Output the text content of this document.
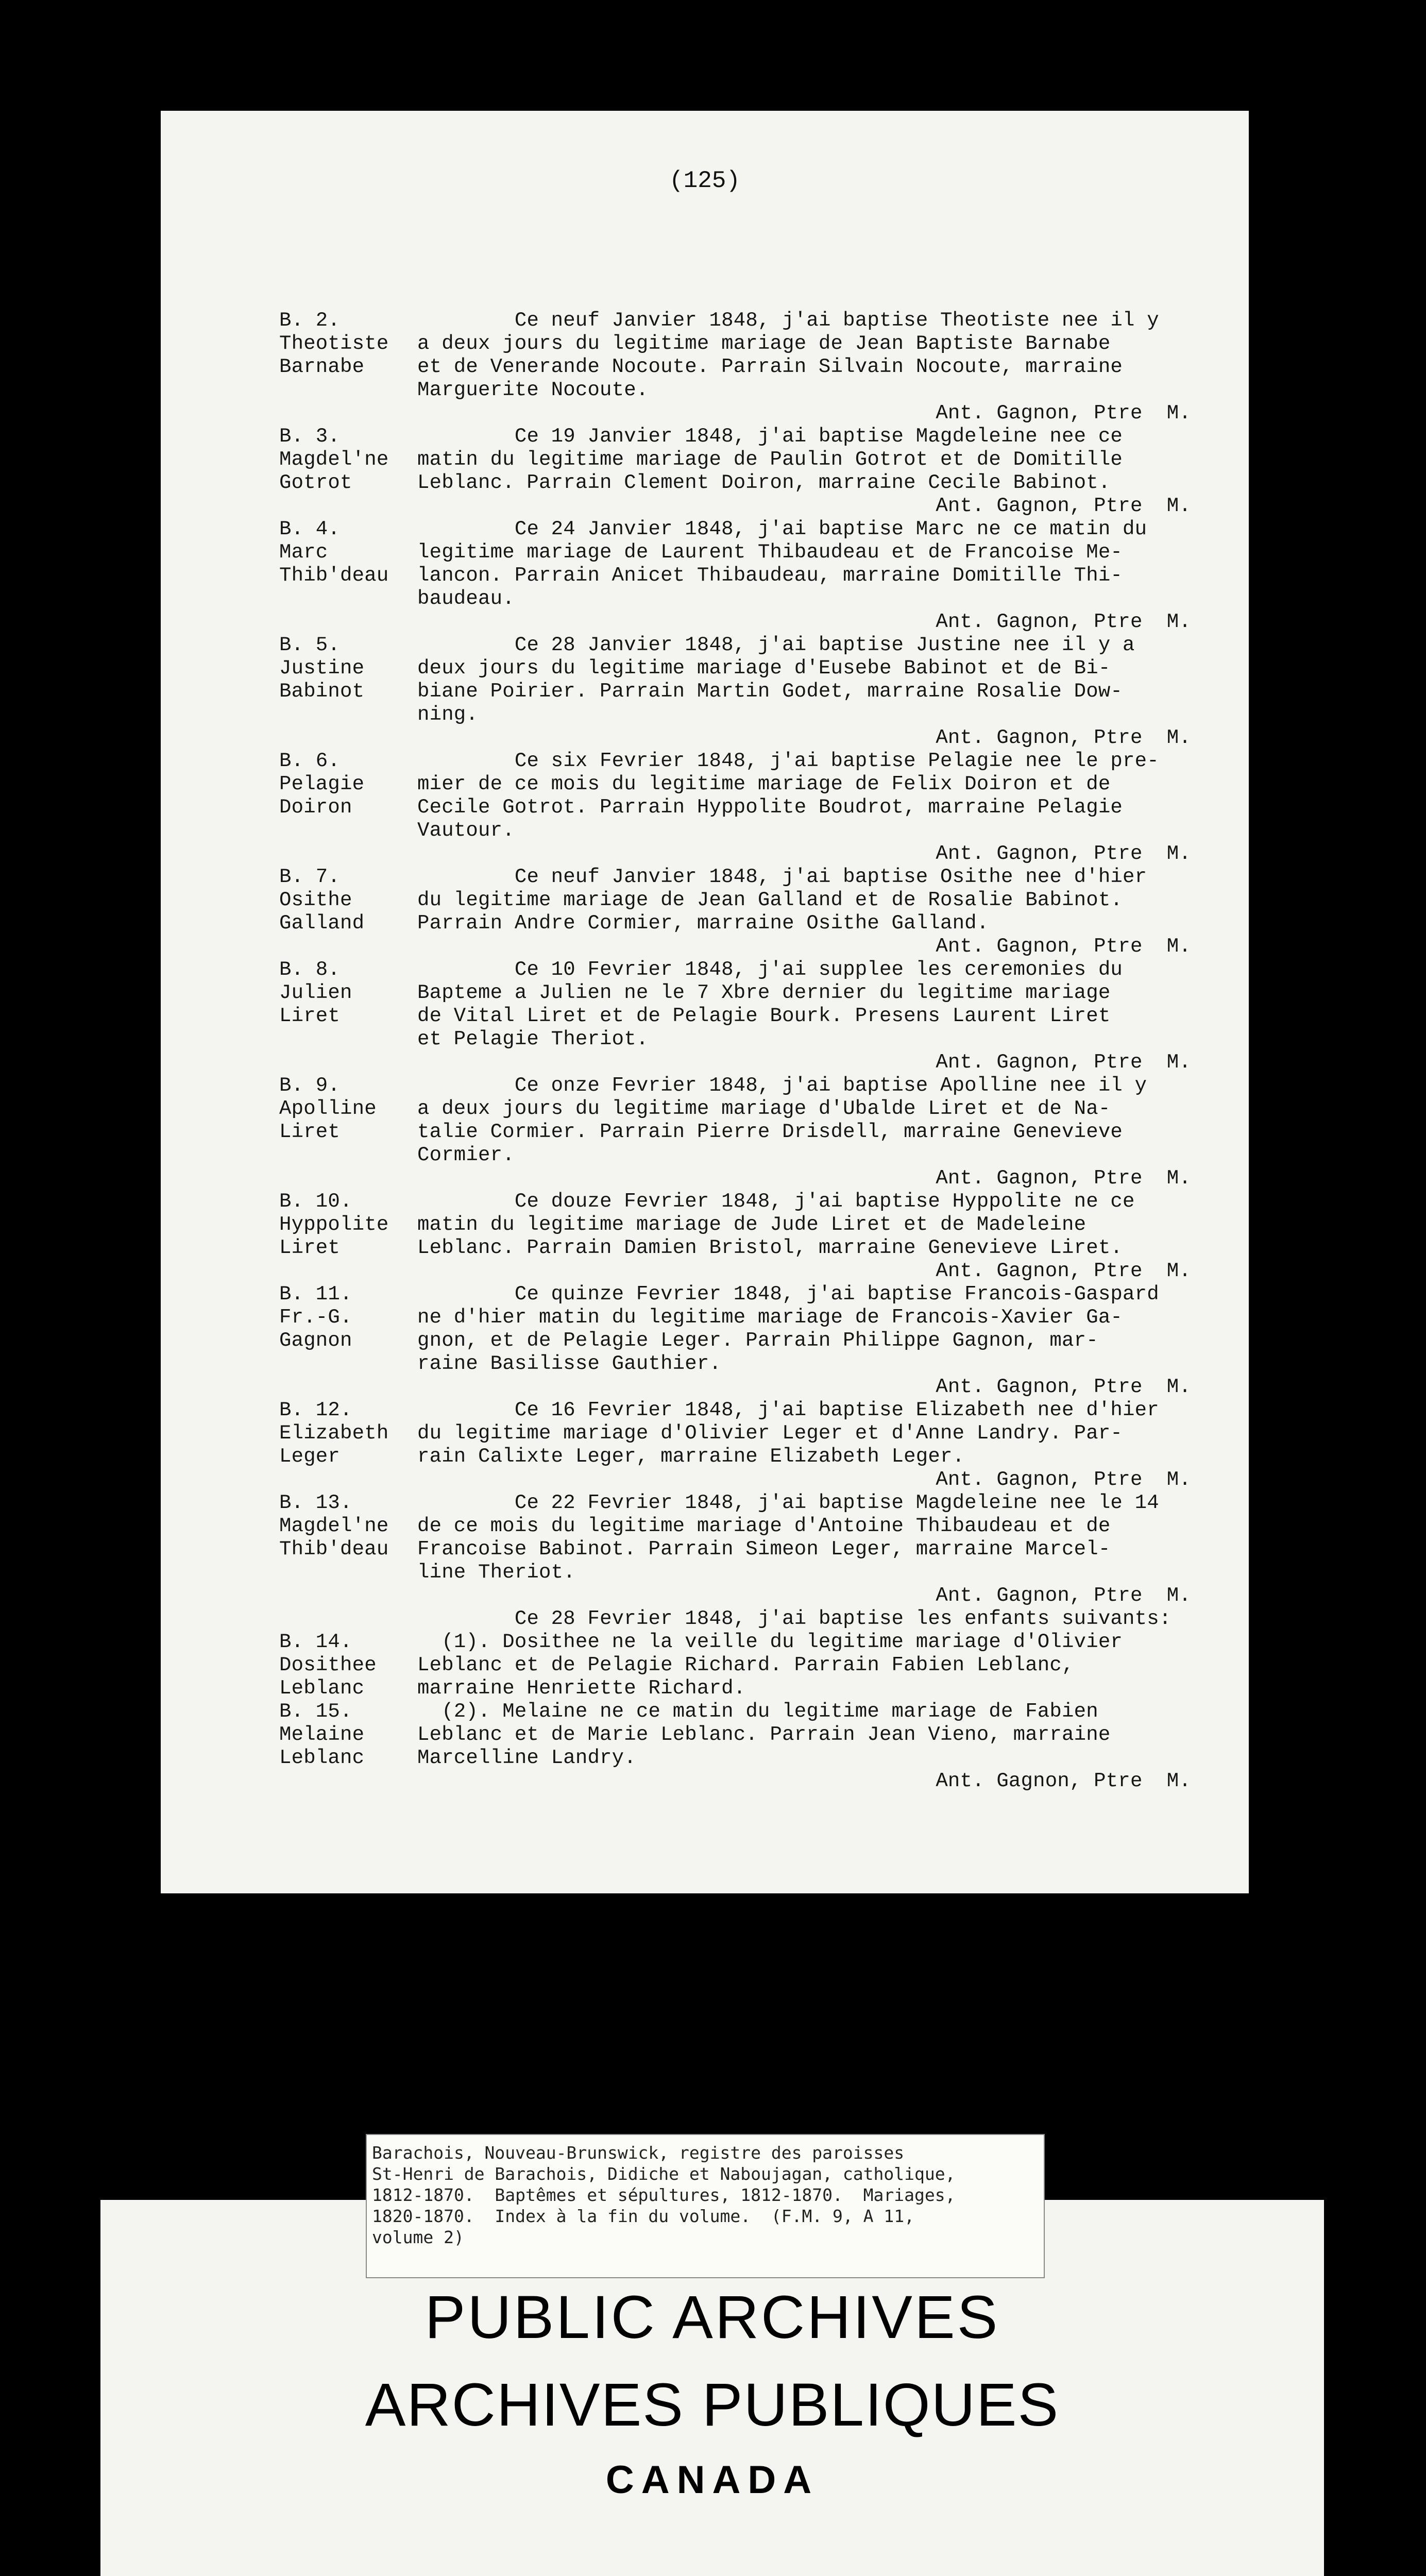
(125)
B. 2.
Theotiste
Barnabe
Ce neuf Janvier 1848, j'ai baptise Theotiste nee il y
a deux jours du legitime mariage de Jean Baptiste Barnabe
et de Venerande Nocoute. Parrain Silvain Nocoute, marraine
Marguerite Nocoute.
Ant. Gagnon, Ptre  M.
B. 3.
Magdel'ne
Gotrot
Ce 19 Janvier 1848, j'ai baptise Magdeleine nee ce
matin du legitime mariage de Paulin Gotrot et de Domitille
Leblanc. Parrain Clement Doiron, marraine Cecile Babinot.
Ant. Gagnon, Ptre  M.
B. 4.
Marc
Thib'deau
Ce 24 Janvier 1848, j'ai baptise Marc ne ce matin du
legitime mariage de Laurent Thibaudeau et de Francoise Me-
lancon. Parrain Anicet Thibaudeau, marraine Domitille Thi-
baudeau.
Ant. Gagnon, Ptre  M.
B. 5.
Justine
Babinot
Ce 28 Janvier 1848, j'ai baptise Justine nee il y a
deux jours du legitime mariage d'Eusebe Babinot et de Bi-
biane Poirier. Parrain Martin Godet, marraine Rosalie Dow-
ning.
Ant. Gagnon, Ptre  M.
B. 6.
Pelagie
Doiron
Ce six Fevrier 1848, j'ai baptise Pelagie nee le pre-
mier de ce mois du legitime mariage de Felix Doiron et de
Cecile Gotrot. Parrain Hyppolite Boudrot, marraine Pelagie
Vautour.
Ant. Gagnon, Ptre  M.
B. 7.
Osithe
Galland
Ce neuf Janvier 1848, j'ai baptise Osithe nee d'hier
du legitime mariage de Jean Galland et de Rosalie Babinot.
Parrain Andre Cormier, marraine Osithe Galland.
Ant. Gagnon, Ptre  M.
B. 8.
Julien
Liret
Ce 10 Fevrier 1848, j'ai supplee les ceremonies du
Bapteme a Julien ne le 7 Xbre dernier du legitime mariage
de Vital Liret et de Pelagie Bourk. Presens Laurent Liret
et Pelagie Theriot.
Ant. Gagnon, Ptre  M.
B. 9.
Apolline
Liret
Ce onze Fevrier 1848, j'ai baptise Apolline nee il y
a deux jours du legitime mariage d'Ubalde Liret et de Na-
talie Cormier. Parrain Pierre Drisdell, marraine Genevieve
Cormier.
Ant. Gagnon, Ptre  M.
B. 10.
Hyppolite
Liret
Ce douze Fevrier 1848, j'ai baptise Hyppolite ne ce
matin du legitime mariage de Jude Liret et de Madeleine
Leblanc. Parrain Damien Bristol, marraine Genevieve Liret.
Ant. Gagnon, Ptre  M.
B. 11.
Fr.-G.
Gagnon
Ce quinze Fevrier 1848, j'ai baptise Francois-Gaspard
ne d'hier matin du legitime mariage de Francois-Xavier Ga-
gnon, et de Pelagie Leger. Parrain Philippe Gagnon, mar-
raine Basilisse Gauthier.
Ant. Gagnon, Ptre  M.
B. 12.
Elizabeth
Leger
Ce 16 Fevrier 1848, j'ai baptise Elizabeth nee d'hier
du legitime mariage d'Olivier Leger et d'Anne Landry. Par-
rain Calixte Leger, marraine Elizabeth Leger.
Ant. Gagnon, Ptre  M.
B. 13.
Magdel'ne
Thib'deau
Ce 22 Fevrier 1848, j'ai baptise Magdeleine nee le 14
de ce mois du legitime mariage d'Antoine Thibaudeau et de
Francoise Babinot. Parrain Simeon Leger, marraine Marcel-
line Theriot.
Ant. Gagnon, Ptre  M.
Ce 28 Fevrier 1848, j'ai baptise les enfants suivants:
B. 14.
Dosithee
Leblanc
(1). Dosithee ne la veille du legitime mariage d'Olivier
Leblanc et de Pelagie Richard. Parrain Fabien Leblanc,
marraine Henriette Richard.
B. 15.
Melaine
Leblanc
(2). Melaine ne ce matin du legitime mariage de Fabien
Leblanc et de Marie Leblanc. Parrain Jean Vieno, marraine
Marcelline Landry.
Ant. Gagnon, Ptre  M.
Barachois, Nouveau-Brunswick, registre des paroisses
St-Henri de Barachois, Didiche et Naboujagan, catholique,
1812-1870.  Baptêmes et sépultures, 1812-1870.  Mariages,
1820-1870.  Index à la fin du volume.  (F.M. 9, A 11,
volume 2)
PUBLIC ARCHIVES
ARCHIVES PUBLIQUES
CANADA
